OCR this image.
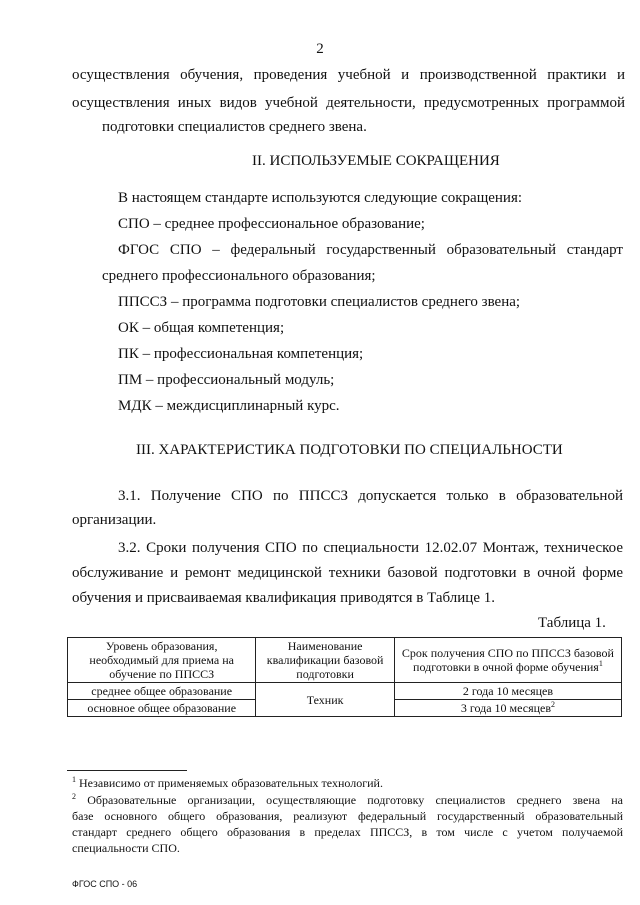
2
осуществления обучения, проведения учебной и производственной практики и
осуществления иных видов учебной деятельности, предусмотренных программой
подготовки специалистов среднего звена.
II. ИСПОЛЬЗУЕМЫЕ СОКРАЩЕНИЯ
В настоящем стандарте используются следующие сокращения:
СПО – среднее профессиональное образование;
ФГОС СПО – федеральный государственный образовательный стандарт
среднего профессионального образования;
ППССЗ – программа подготовки специалистов среднего звена;
ОК – общая компетенция;
ПК – профессиональная компетенция;
ПМ – профессиональный модуль;
МДК – междисциплинарный курс.
III. ХАРАКТЕРИСТИКА ПОДГОТОВКИ ПО СПЕЦИАЛЬНОСТИ
3.1. Получение СПО по ППССЗ допускается только в образовательной
организации.
3.2. Сроки получения СПО по специальности 12.02.07 Монтаж, техническое
обслуживание и ремонт медицинской техники базовой подготовки в очной форме
обучения и присваиваемая квалификация приводятся в Таблице 1.
Таблица 1.
Уровень образования, необходимый для приема на обучение по ППССЗ	Наименование квалификации базовой подготовки	Срок получения СПО по ППССЗ базовой подготовки в очной форме обучения$^1$
среднее общее образование	Техник	2 года 10 месяцев
основное общее образование		3 года 10 месяцев$^2$
$^1$ Независимо от применяемых образовательных технологий.
$^2$ Образовательные организации, осуществляющие подготовку специалистов среднего звена на
базе основного общего образования, реализуют федеральный государственный образовательный
стандарт среднего общего образования в пределах ППССЗ, в том числе с учетом получаемой
специальности СПО.
ФГОС СПО - 06
